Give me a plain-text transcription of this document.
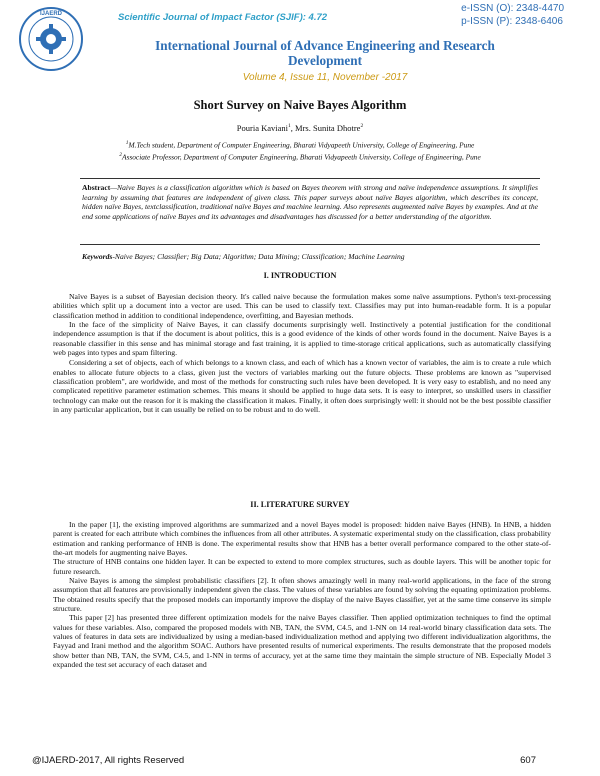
IJAERD	Scientific Journal of Impact Factor (SJIF): 4.72
e-ISSN (O): 2348-4470
p-ISSN (P): 2348-6406
International Journal of Advance Engineering and Research
Development
Volume 4, Issue 11, November -2017
Short Survey on Naive Bayes Algorithm
Pouria Kaviani$^1$, Mrs. Sunita Dhotre$^2$
$^1$M.Tech student, Department of Computer Engineering, Bharati Vidyapeeth University, College of Engineering, Pune
$^2$Associate Professor, Department of Computer Engineering, Bharati Vidyapeeth University, College of Engineering, Pune
Abstract—Naive Bayes is a classification algorithm which is based on Bayes theorem with strong and naïve independence assumptions. It simplifies learning by assuming that features are independent of given class. This paper surveys about naïve Bayes algorithm, which describes its concept, hidden naïve Bayes, textclassification, traditional naïve Bayes and machine learning. Also represents augmented naïve Bayes by examples. And at the end some applications of naïve Bayes and its advantages and disadvantages has discussed for a better understanding of the algorithm.
Keywords-Naive Bayes; Classifier; Big Data; Algorithm; Data Mining; Classification; Machine Learning
I. INTRODUCTION

Naïve Bayes is a subset of Bayesian decision theory. It's called naive because the formulation makes some naïve assumptions. Python's text-processing abilities which split up a document into a vector are used. This can be used to classify text. Classifies may put into human-readable form. It is a popular classification method in addition to conditional independence, overfitting, and Bayesian methods.

In the face of the simplicity of Naive Bayes, it can classify documents surprisingly well. Instinctively a potential justification for the conditional independence assumption is that if the document is about politics, this is a good evidence of the kinds of other words found in the document. Naive Bayes is a reasonable classifier in this sense and has minimal storage and fast training, it is applied to time-storage critical applications, such as automatically classifying web pages into types and spam filtering.

Considering a set of objects, each of which belongs to a known class, and each of which has a known vector of variables, the aim is to create a rule which enables to allocate future objects to a class, given just the vectors of variables marking out the future objects. These problems are known as "supervised classification problem", are worldwide, and most of the methods for constructing such rules have been developed. It is very easy to establish, and no need any complicated repetitive parameter estimation schemes. This means it should be applied to huge data sets. It is easy to interpret, so unskilled users in classifier technology can make out the reason for it is making the classification it makes. Finally, it often does surprisingly well: it should not be the best possible classifier in any particular application, but it can usually be relied on to be robust and to do well.

II. LITERATURE SURVEY

In the paper [1], the existing improved algorithms are summarized and a novel Bayes model is proposed: hidden naive Bayes (HNB). In HNB, a hidden parent is created for each attribute which combines the influences from all other attributes. A systematic experimental study on the classification, class probability estimation and ranking performance of HNB is done. The experimental results show that HNB has a better overall performance compared to the other state-of-the-art models for augmenting naive Bayes.

The structure of HNB contains one hidden layer. It can be expected to extend to more complex structures, such as double layers. This will be another topic for future research.

Naive Bayes is among the simplest probabilistic classifiers [2]. It often shows amazingly well in many real-world applications, in the face of the strong assumption that all features are provisionally independent given the class. The values of these variables are found by solving the equating optimization problems. The obtained results specify that the proposed models can importantly improve the display of the naive Bayes classifier, yet at the same time conserve its simple structure.

This paper [2] has presented three different optimization models for the naive Bayes classifier. Then applied optimization techniques to find the optimal values for these variables. Also, compared the proposed models with NB, TAN, the SVM, C4.5, and 1-NN on 14 real-world binary classification data sets. The values of features in data sets are individualized by using a median-based individualization method and applying two different individualization algorithms, the Fayyad and Irani method and the algorithm SOAC. Authors have presented results of numerical experiments. The results demonstrate that the proposed models show better than NB, TAN, the SVM, C4.5, and 1-NN in terms of accuracy, yet at the same time they maintain the simple structure of NB. Especially Model 3 expanded the test set accuracy of each dataset and

@IJAERD-2017, All rights Reserved	607
